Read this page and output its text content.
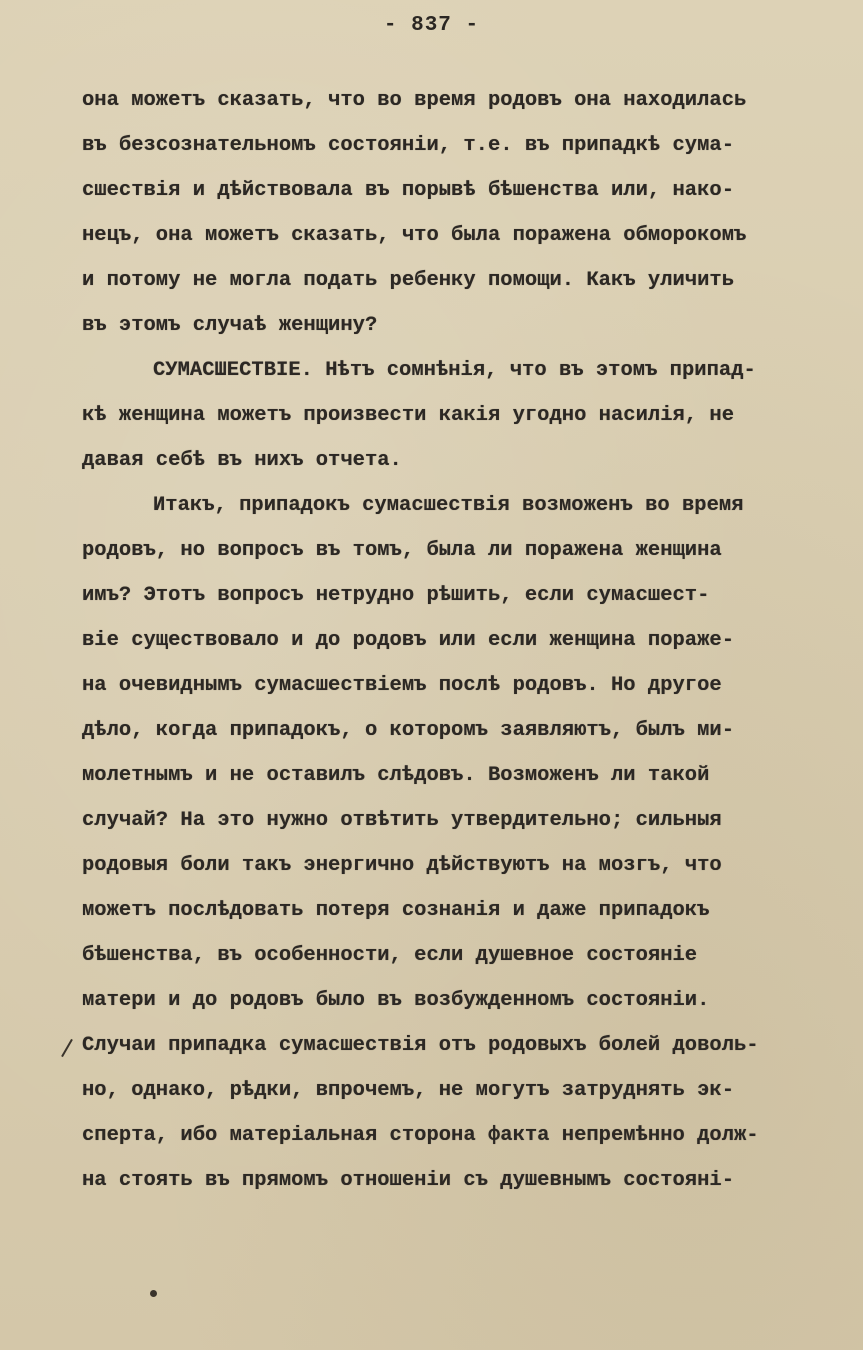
- 837 -
она можетъ сказать, что во время родовъ она находилась
въ безсознательномъ состоянiи, т.е. въ припадкѣ сума-
сшествiя и дѣйствовала въ порывѣ бѣшенства или, нако-
нецъ, она можетъ сказать, что была поражена обморокомъ
и потому не могла подать ребенку помощи. Какъ уличить
въ этомъ случаѣ женщину?
СУМАСШЕСТВIЕ. Нѣтъ сомнѣнiя, что въ этомъ припад-
кѣ женщина можетъ произвести какiя угодно насилiя, не
давая себѣ въ нихъ отчета.
Итакъ, припадокъ сумасшествiя возможенъ во время
родовъ, но вопросъ въ томъ, была ли поражена женщина
имъ? Этотъ вопросъ нетрудно рѣшить, если сумасшест-
вiе существовало и до родовъ или если женщина пораже-
на очевиднымъ сумасшествiемъ послѣ родовъ. Но другое
дѣло, когда припадокъ, о которомъ заявляютъ, былъ ми-
молетнымъ и не оставилъ слѣдовъ. Возможенъ ли такой
случай? На это нужно отвѣтить утвердительно; сильныя
родовыя боли такъ энергично дѣйствуютъ на мозгъ, что
можетъ послѣдовать потеря сознанiя и даже припадокъ
бѣшенства, въ особенности, если душевное состоянiе
матери и до родовъ было въ возбужденномъ состоянiи.
Случаи припадка сумасшествiя отъ родовыхъ болей доволь-
но, однако, рѣдки, впрочемъ, не могутъ затруднять эк-
сперта, ибо матерiальная сторона факта непремѣнно долж-
на стоять въ прямомъ отношенiи съ душевнымъ состоянi-
